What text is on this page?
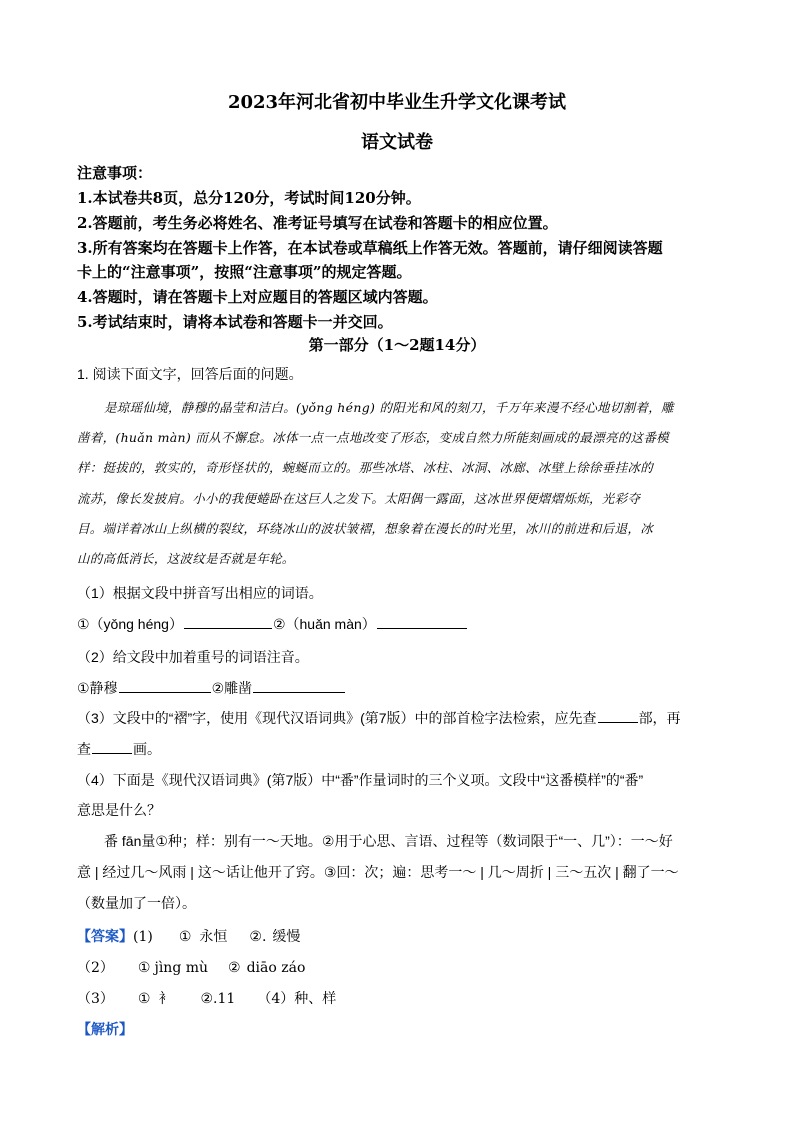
2023年河北省初中毕业生升学文化课考试
语文试卷
注意事项：
1.本试卷共8页，总分120分，考试时间120分钟。
2.答题前，考生务必将姓名、准考证号填写在试卷和答题卡的相应位置。
3.所有答案均在答题卡上作答，在本试卷或草稿纸上作答无效。答题前，请仔细阅读答题
卡上的“注意事项”，按照“注意事项”的规定答题。
4.答题时，请在答题卡上对应题目的答题区域内答题。
5.考试结束时，请将本试卷和答题卡一并交回。
第一部分（1～2题14分）
1. 阅读下面文字，回答后面的问题。
是琼瑶仙境，静穆的晶莹和洁白。(yǒng héng) 的阳光和风的刻刀，千万年来漫不经心地切割着，雕
凿着，(huǎn màn) 而从不懈怠。冰体一点一点地改变了形态，变成自然力所能刻画成的最漂亮的这番模
样：挺拔的，敦实的，奇形怪状的，蜿蜒而立的。那些冰塔、冰柱、冰洞、冰廊、冰壁上徐徐垂挂冰的
流苏，像长发披肩。小小的我便蜷卧在这巨人之发下。太阳偶一露面，这冰世界便熠熠烁烁，光彩夺
目。端详着冰山上纵横的裂纹，环绕冰山的波状皱褶，想象着在漫长的时光里，冰川的前进和后退，冰
山的高低消长，这波纹是否就是年轮。
（1）根据文段中拼音写出相应的词语。
①（yǒng héng）	②（huǎn màn）
（2）给文段中加着重号的词语注音。
①静穆	②雕凿
（3）文段中的“褶”字，使用《现代汉语词典》(第7版）中的部首检字法检索，应先查	部，再
查	画。
（4）下面是《现代汉语词典》(第7版）中“番”作量词时的三个义项。文段中“这番模样”的“番”
意思是什么？
番 fān量①种；样：别有一～天地。②用于心思、言语、过程等（数词限于“一、几”）：一～好
意 | 经过几～风雨 | 这～话让他开了窍。③回：次；遍：思考一～ | 几～周折 | 三～五次 | 翻了一～
（数量加了一倍）。
【答案】(1) ① 永恒 ②. 缓慢
（2） ① jìng mù ② diāo záo
（3） ① 衤 ②.11 （4）种、样
【解析】
